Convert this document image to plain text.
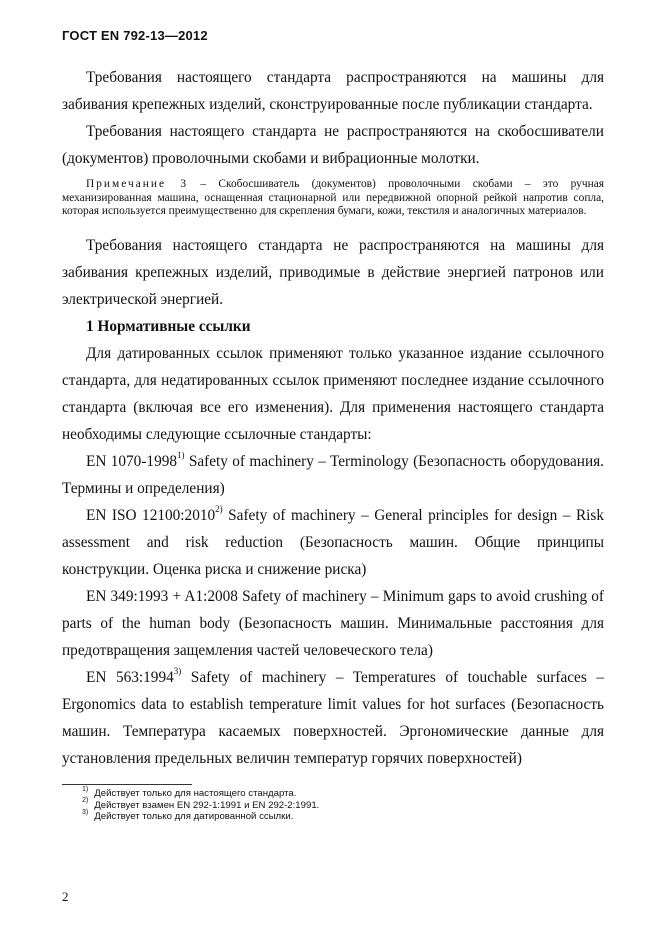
ГОСТ EN 792-13—2012

Требования настоящего стандарта распространяются на машины для забивания крепежных изделий, сконструированные после публикации стандарта.

Требования настоящего стандарта не распространяются на скобосшиватели (документов) проволочными скобами и вибрационные молотки.

Примечание 3 – Скобосшиватель (документов) проволочными скобами – это ручная механизированная машина, оснащенная стационарной или передвижной опорной рейкой напротив сопла, которая используется преимущественно для скрепления бумаги, кожи, текстиля и аналогичных материалов.

Требования настоящего стандарта не распространяются на машины для забивания крепежных изделий, приводимые в действие энергией патронов или электрической энергией.

1 Нормативные ссылки

Для датированных ссылок применяют только указанное издание ссылочного стандарта, для недатированных ссылок применяют последнее издание ссылочного стандарта (включая все его изменения). Для применения настоящего стандарта необходимы следующие ссылочные стандарты:

EN 1070-1998$^{1)}$ Safety of machinery – Terminology (Безопасность оборудования. Термины и определения)

EN ISO 12100:2010$^{2)}$ Safety of machinery – General principles for design – Risk assessment and risk reduction (Безопасность машин. Общие принципы конструкции. Оценка риска и снижение риска)

EN 349:1993 + A1:2008 Safety of machinery – Minimum gaps to avoid crushing of parts of the human body (Безопасность машин. Минимальные расстояния для предотвращения защемления частей человеческого тела)

EN 563:1994$^{3)}$ Safety of machinery – Temperatures of touchable surfaces – Ergonomics data to establish temperature limit values for hot surfaces (Безопасность машин. Температура касаемых поверхностей. Эргономические данные для установления предельных величин температур горячих поверхностей)

$^{1)}$ Действует только для настоящего стандарта.
$^{2)}$ Действует взамен EN 292-1:1991 и EN 292-2:1991.
$^{3)}$ Действует только для датированной ссылки.
2
